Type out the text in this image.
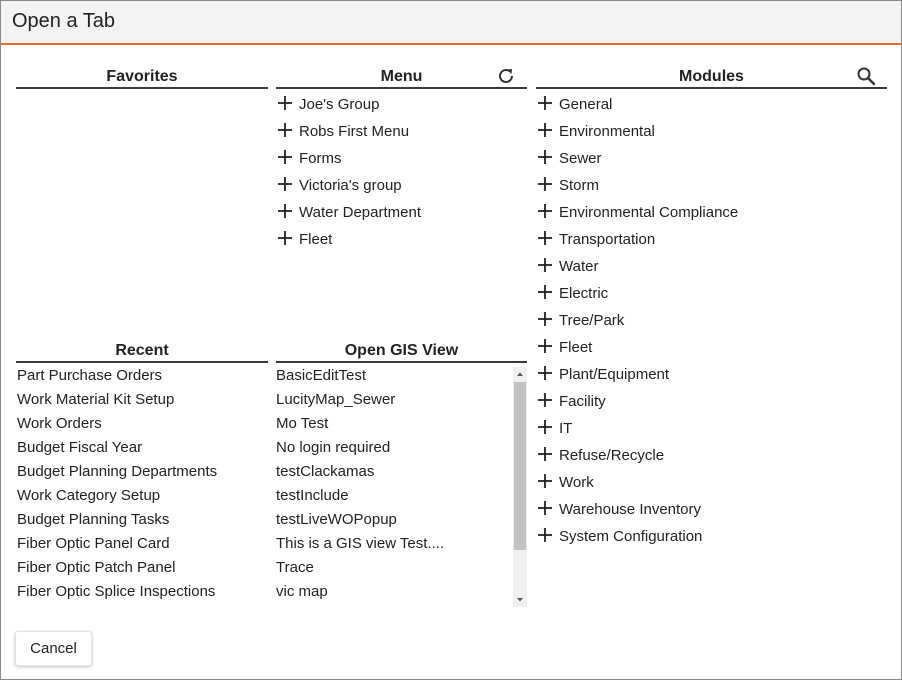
Open a Tab
Favorites	Menu
Joe's Group
Robs First Menu
Forms
Victoria's group
Water Department
Fleet
Modules
General
Environmental
Sewer
Storm
Environmental Compliance
Transportation
Water
Electric
Tree/Park
Fleet
Plant/Equipment
Facility
IT
Refuse/Recycle
Work
Warehouse Inventory
System Configuration
Recent
Part Purchase Orders
Work Material Kit Setup
Work Orders
Budget Fiscal Year
Budget Planning Departments
Work Category Setup
Budget Planning Tasks
Fiber Optic Panel Card
Fiber Optic Patch Panel
Fiber Optic Splice Inspections
Open GIS View
BasicEditTest
LucityMap_Sewer
Mo Test
No login required
testClackamas
testInclude
testLiveWOPopup
This is a GIS view Test....
Trace
vic map
Cancel
